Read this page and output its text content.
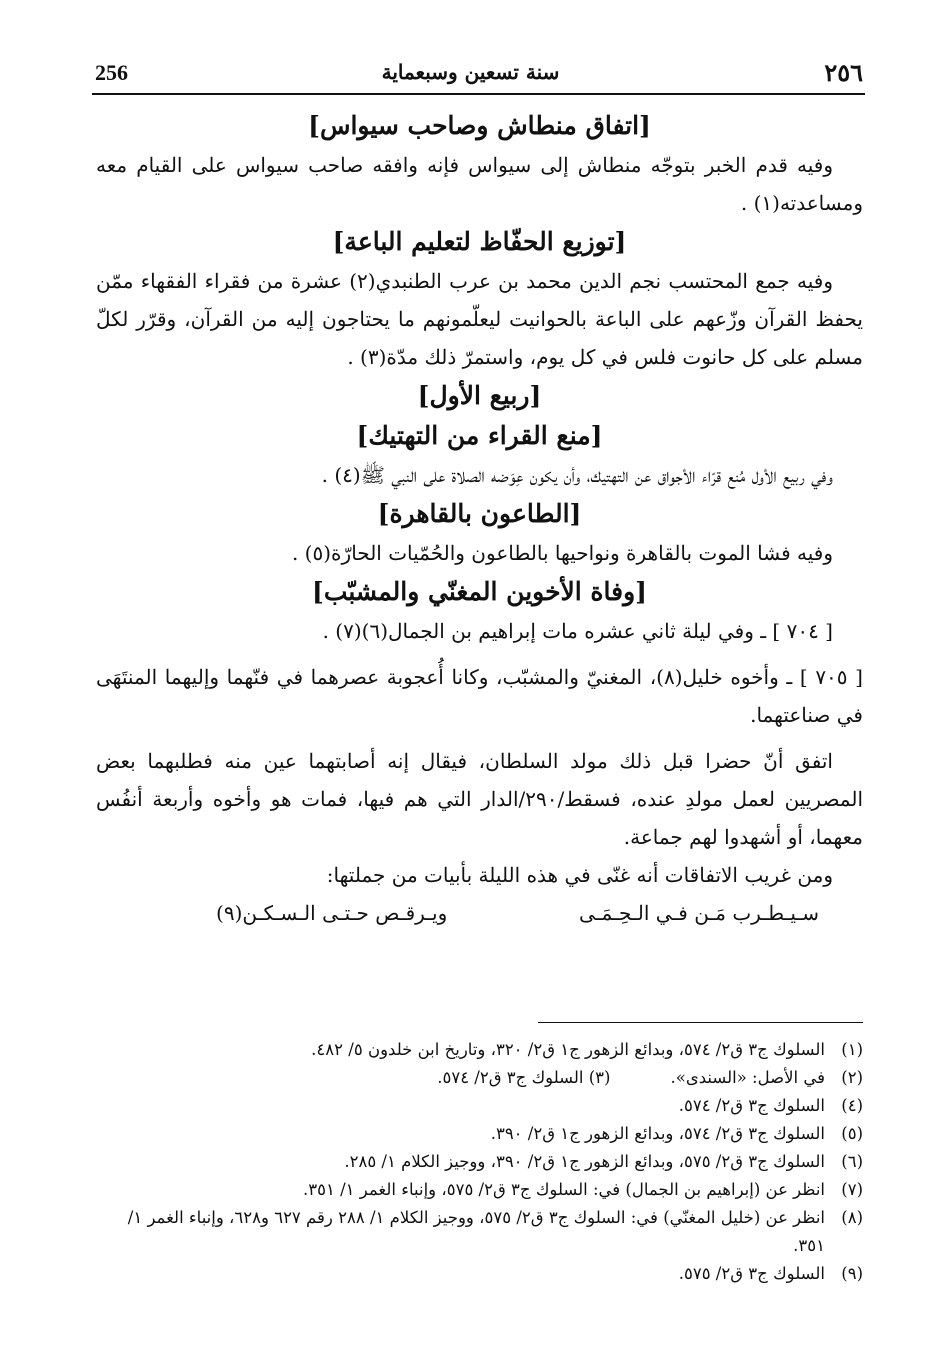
256	سنة تسعين وسبعماية	٢٥٦
[اتفاق منطاش وصاحب سيواس]

وفيه قدم الخبر بتوجّه منطاش إلى سيواس فإنه وافقه صاحب سيواس على القيام معه ومساعدته(١) .

[توزيع الحفّاظ لتعليم الباعة]

وفيه جمع المحتسب نجم الدين محمد بن عرب الطنبدي(٢) عشرة من فقراء الفقهاء ممّن يحفظ القرآن وزّعهم على الباعة بالحوانيت ليعلّمونهم ما يحتاجون إليه من القرآن، وقرّر لكلّ مسلم على كل حانوت فلس في كل يوم، واستمرّ ذلك مدّة(٣) .

[ربيع الأول]
[منع القراء من التهتيك]

وفي ربيع الأول مُنع قرّاء الأجواق عن التهتيك، وأن يكون عِوَضه الصلاة على النبي ﷺ(٤) .

[الطاعون بالقاهرة]

وفيه فشا الموت بالقاهرة ونواحيها بالطاعون والحُمّيات الحارّة(٥) .

[وفاة الأخوين المغنّي والمشبّب]

[ ٧٠٤ ] ـ وفي ليلة ثاني عشره مات إبراهيم بن الجمال(٦)(٧) .

[ ٧٠٥ ] ـ وأخوه خليل(٨)، المغنيّ والمشبّب، وكانا أُعجوبة عصرهما في فنّهما وإليهما المنتَهَى في صناعتهما.

اتفق أنّ حضرا قبل ذلك مولد السلطان، فيقال إنه أصابتهما عين منه فطلبهما بعض المصريين لعمل مولدِ عنده، فسقط/٢٩٠/الدار التي هم فيها، فمات هو وأخوه وأربعة أنفُس معهما، أو أشهدوا لهم جماعة.

ومن غريب الاتفاقات أنه غنّى في هذه الليلة بأبيات من جملتها:

سـيـطـرب مَـن فـي الـحِـمَـى
ويـرقـص حـتـى الـسـكـن(٩)
(١)
السلوك ج٣ ق٢/ ٥٧٤، وبدائع الزهور ج١ ق٢/ ٣٢٠، وتاريخ ابن خلدون ٥/ ٤٨٢.
(٢)
في الأصل: «السندى».
(٣) السلوك ج٣ ق٢/ ٥٧٤.
(٤)
السلوك ج٣ ق٢/ ٥٧٤.
(٥)
السلوك ج٣ ق٢/ ٥٧٤، وبدائع الزهور ج١ ق٢/ ٣٩٠.
(٦)
السلوك ج٣ ق٢/ ٥٧٥، وبدائع الزهور ج١ ق٢/ ٣٩٠، ووجيز الكلام ١/ ٢٨٥.
(٧)
انظر عن (إبراهيم بن الجمال) في: السلوك ج٣ ق٢/ ٥٧٥، وإنباء الغمر ١/ ٣٥١.
(٨)
انظر عن (خليل المغنّي) في: السلوك ج٣ ق٢/ ٥٧٥، ووجيز الكلام ١/ ٢٨٨ رقم ٦٢٧ و٦٢٨، وإنباء الغمر ١/ ٣٥١.
(٩)
السلوك ج٣ ق٢/ ٥٧٥.
